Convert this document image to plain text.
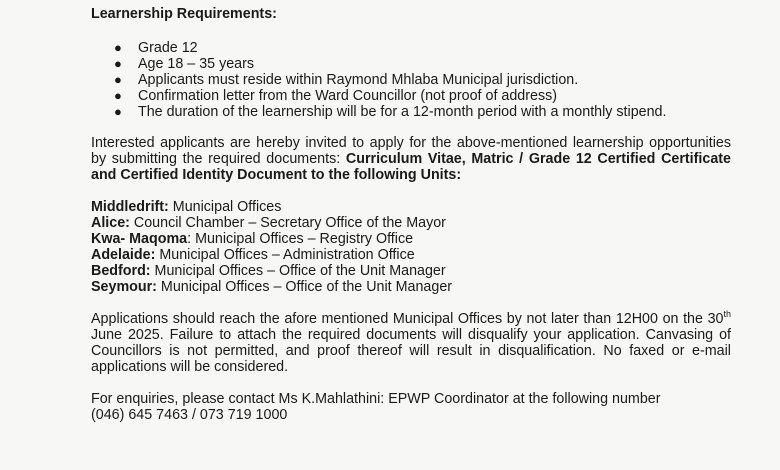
Learnership Requirements:

● Grade 12
● Age 18 – 35 years
● Applicants must reside within Raymond Mhlaba Municipal jurisdiction.
● Confirmation letter from the Ward Councillor (not proof of address)
● The duration of the learnership will be for a 12-month period with a monthly stipend.

Interested applicants are hereby invited to apply for the above-mentioned learnership opportunities by submitting the required documents: Curriculum Vitae, Matric / Grade 12 Certified Certificate and Certified Identity Document to the following Units:

Middledrift: Municipal Offices
Alice: Council Chamber – Secretary Office of the Mayor
Kwa- Maqoma: Municipal Offices – Registry Office
Adelaide: Municipal Offices – Administration Office
Bedford: Municipal Offices – Office of the Unit Manager
Seymour: Municipal Offices – Office of the Unit Manager

Applications should reach the afore mentioned Municipal Offices by not later than 12H00 on the 30th June 2025. Failure to attach the required documents will disqualify your application. Canvasing of Councillors is not permitted, and proof thereof will result in disqualification. No faxed or e-mail applications will be considered.

For enquiries, please contact Ms K.Mahlathini: EPWP Coordinator at the following number

(046) 645 7463 / 073 719 1000
